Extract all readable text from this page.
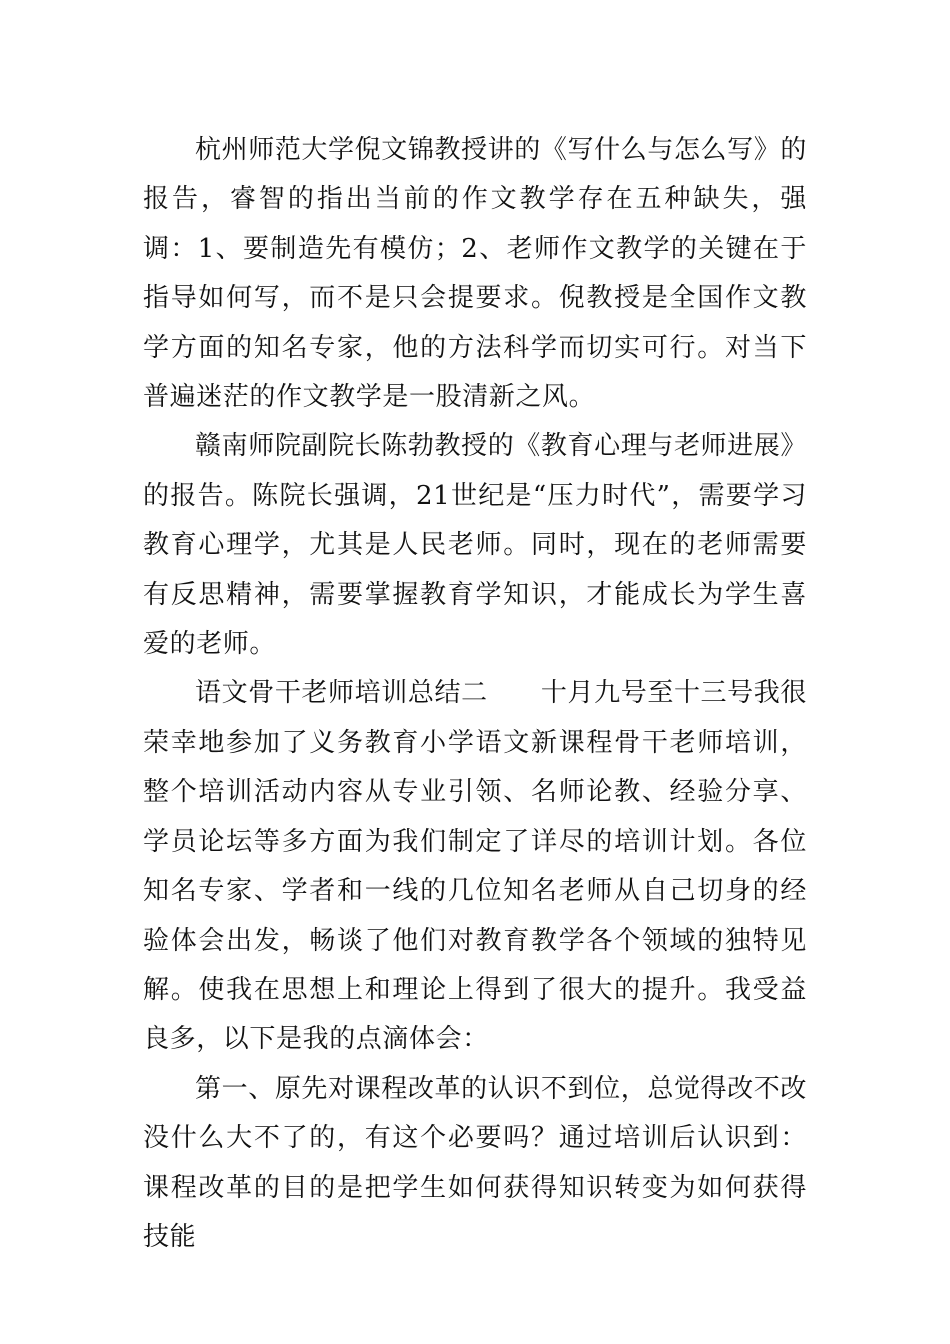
杭州师范大学倪文锦教授讲的《写什么与怎么写》的报告，睿智的指出当前的作文教学存在五种缺失，强调：1、要制造先有模仿；2、老师作文教学的关键在于指导如何写，而不是只会提要求。倪教授是全国作文教学方面的知名专家，他的方法科学而切实可行。对当下普遍迷茫的作文教学是一股清新之风。

赣南师院副院长陈勃教授的《教育心理与老师进展》的报告。陈院长强调，21世纪是“压力时代”，需要学习教育心理学，尤其是人民老师。同时，现在的老师需要有反思精神，需要掌握教育学知识，才能成长为学生喜爱的老师。

语文骨干老师培训总结二　　十月九号至十三号我很荣幸地参加了义务教育小学语文新课程骨干老师培训，整个培训活动内容从专业引领、名师论教、经验分享、学员论坛等多方面为我们制定了详尽的培训计划。各位知名专家、学者和一线的几位知名老师从自己切身的经验体会出发，畅谈了他们对教育教学各个领域的独特见解。使我在思想上和理论上得到了很大的提升。我受益良多，以下是我的点滴体会：

第一、原先对课程改革的认识不到位，总觉得改不改没什么大不了的，有这个必要吗？通过培训后认识到：课程改革的目的是把学生如何获得知识转变为如何获得技能
